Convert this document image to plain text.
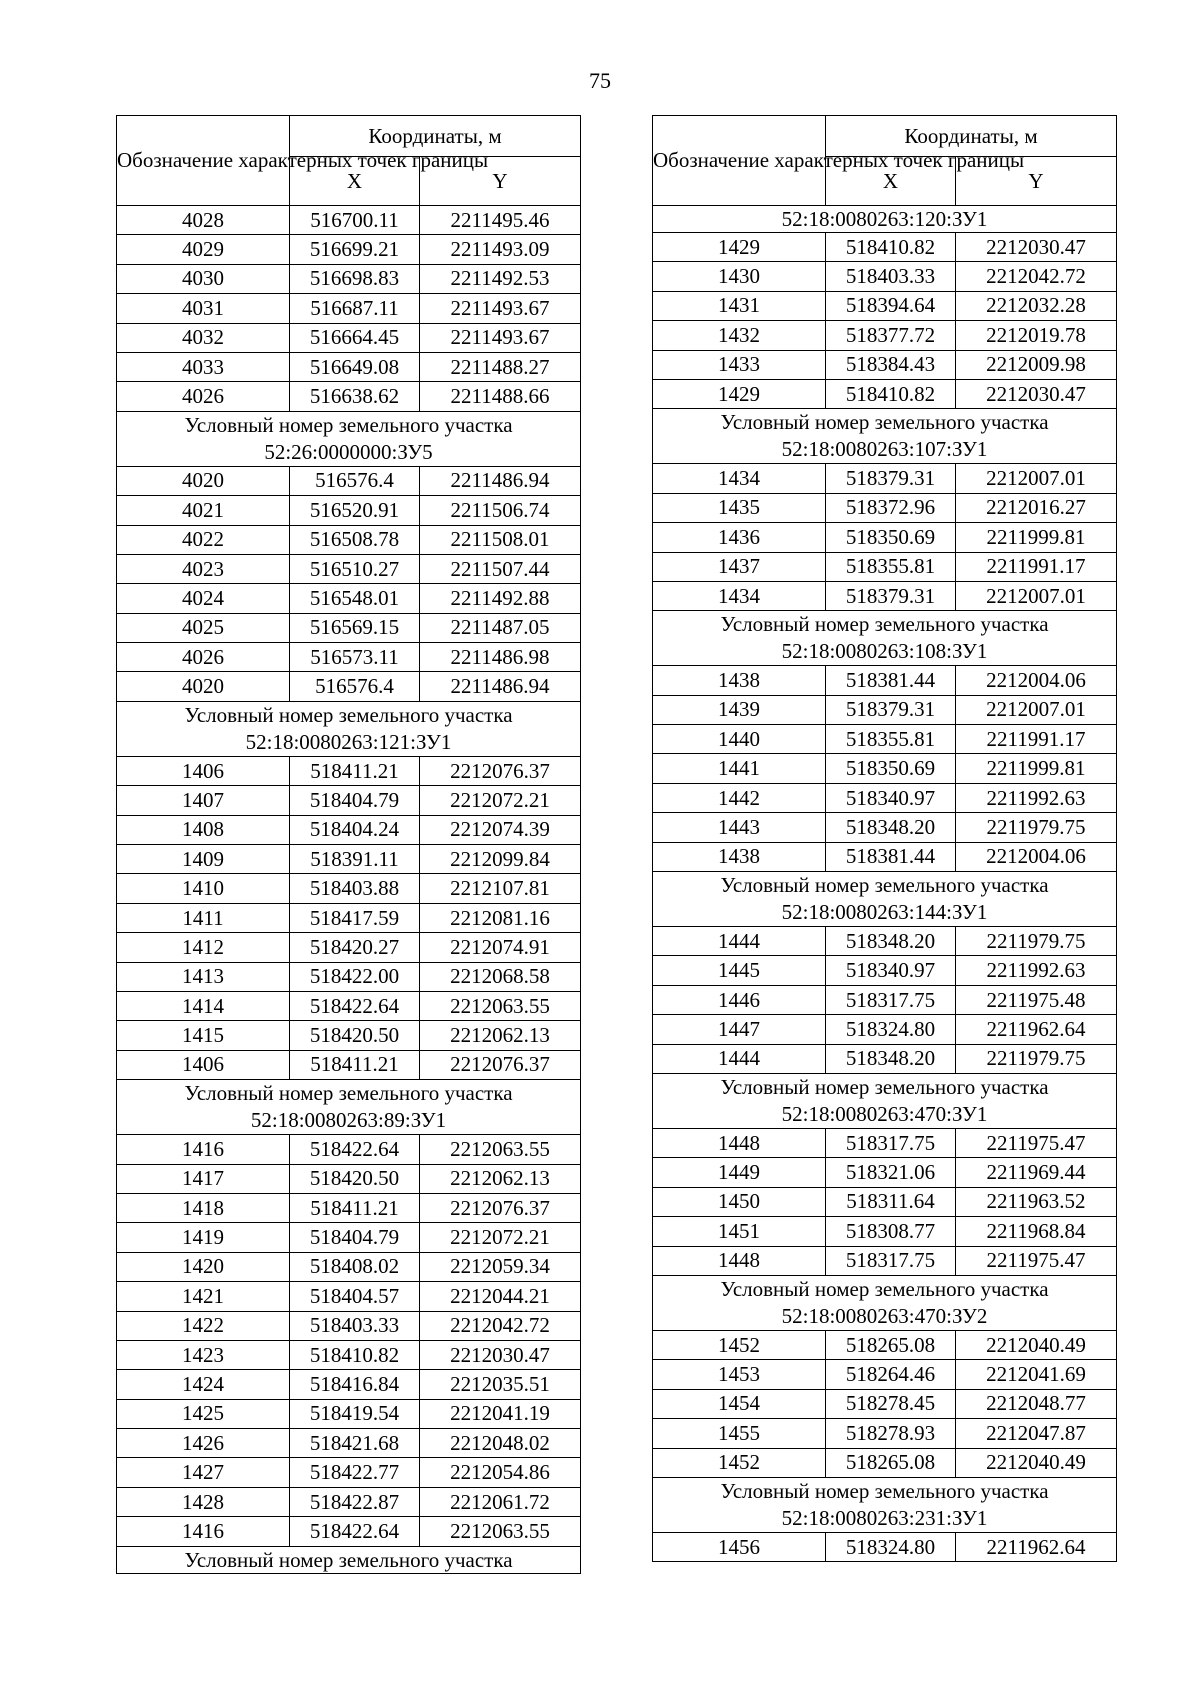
75
Обозначение характерных точек границы	Координаты, м	
	X	Y
4028	516700.11	2211495.46
4029	516699.21	2211493.09
4030	516698.83	2211492.53
4031	516687.11	2211493.67
4032	516664.45	2211493.67
4033	516649.08	2211488.27
4026	516638.62	2211488.66

Условный номер земельного участка
52:26:0000000:ЗУ5		

4020	516576.4	2211486.94
4021	516520.91	2211506.74
4022	516508.78	2211508.01
4023	516510.27	2211507.44
4024	516548.01	2211492.88
4025	516569.15	2211487.05
4026	516573.11	2211486.98
4020	516576.4	2211486.94

Условный номер земельного участка
52:18:0080263:121:ЗУ1		

1406	518411.21	2212076.37
1407	518404.79	2212072.21
1408	518404.24	2212074.39
1409	518391.11	2212099.84
1410	518403.88	2212107.81
1411	518417.59	2212081.16
1412	518420.27	2212074.91
1413	518422.00	2212068.58
1414	518422.64	2212063.55
1415	518420.50	2212062.13
1406	518411.21	2212076.37

Условный номер земельного участка
52:18:0080263:89:ЗУ1		

1416	518422.64	2212063.55
1417	518420.50	2212062.13
1418	518411.21	2212076.37
1419	518404.79	2212072.21
1420	518408.02	2212059.34
1421	518404.57	2212044.21
1422	518403.33	2212042.72
1423	518410.82	2212030.47
1424	518416.84	2212035.51
1425	518419.54	2212041.19
1426	518421.68	2212048.02
1427	518422.77	2212054.86
1428	518422.87	2212061.72
1416	518422.64	2212063.55

Условный номер земельного участка		
Обозначение характерных точек границы	Координаты, м	
	X	Y

52:18:0080263:120:ЗУ1		

1429	518410.82	2212030.47
1430	518403.33	2212042.72
1431	518394.64	2212032.28
1432	518377.72	2212019.78
1433	518384.43	2212009.98
1429	518410.82	2212030.47

Условный номер земельного участка
52:18:0080263:107:ЗУ1		

1434	518379.31	2212007.01
1435	518372.96	2212016.27
1436	518350.69	2211999.81
1437	518355.81	2211991.17
1434	518379.31	2212007.01

Условный номер земельного участка
52:18:0080263:108:ЗУ1		

1438	518381.44	2212004.06
1439	518379.31	2212007.01
1440	518355.81	2211991.17
1441	518350.69	2211999.81
1442	518340.97	2211992.63
1443	518348.20	2211979.75
1438	518381.44	2212004.06

Условный номер земельного участка
52:18:0080263:144:ЗУ1		

1444	518348.20	2211979.75
1445	518340.97	2211992.63
1446	518317.75	2211975.48
1447	518324.80	2211962.64
1444	518348.20	2211979.75

Условный номер земельного участка
52:18:0080263:470:ЗУ1		

1448	518317.75	2211975.47
1449	518321.06	2211969.44
1450	518311.64	2211963.52
1451	518308.77	2211968.84
1448	518317.75	2211975.47

Условный номер земельного участка
52:18:0080263:470:ЗУ2		

1452	518265.08	2212040.49
1453	518264.46	2212041.69
1454	518278.45	2212048.77
1455	518278.93	2212047.87
1452	518265.08	2212040.49

Условный номер земельного участка
52:18:0080263:231:ЗУ1		

1456	518324.80	2211962.64
